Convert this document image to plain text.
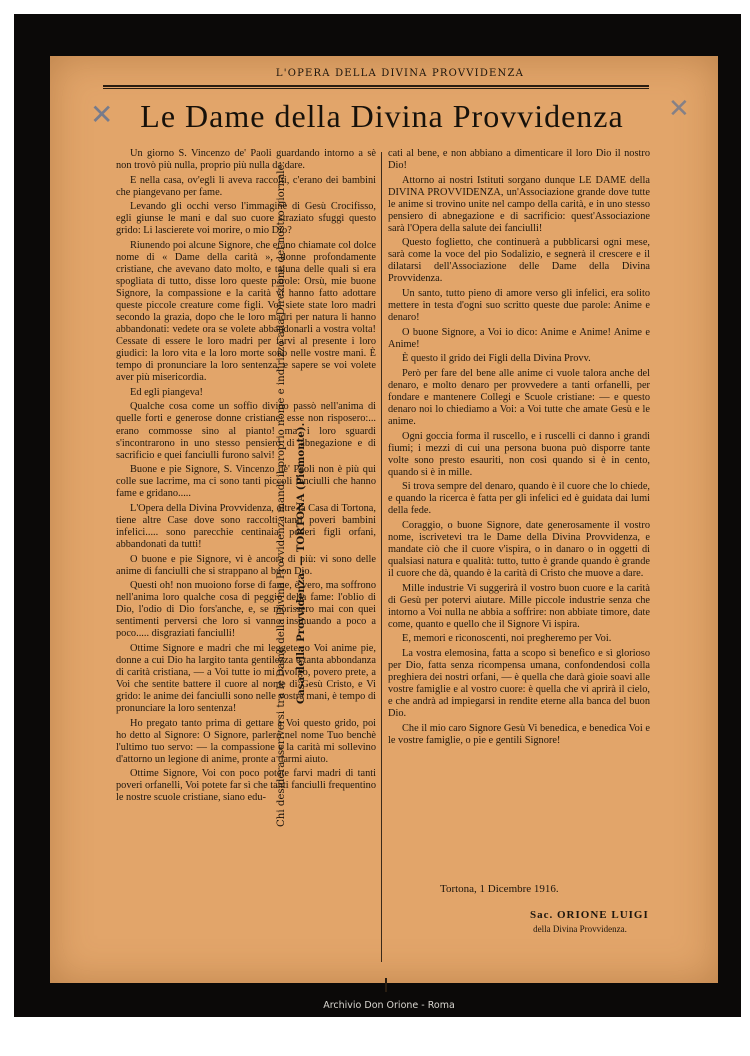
L'OPERA DELLA DIVINA PROVVIDENZA
✕	✕
Le Dame della Divina Provvidenza
Chi desidera iscriversi tra le Dame della Divina Provvidenza mandi il proprio nome e indirizzo alla Direzione del nostro giornale: Casa della Provvidenza. — TORTONA (Piemonte).

Un giorno S. Vincenzo de' Paoli guardando intorno a sè non trovò più nulla, proprio più nulla da dare.

E nella casa, ov'egli li aveva raccolti, c'erano dei bambini che piangevano per fame.

Levando gli occhi verso l'immagine di Gesù Crocifisso, egli giunse le mani e dal suo cuore straziato sfuggì questo grido: Li lascierete voi morire, o mio Dio?

Riunendo poi alcune Signore, che erano chiamate col dolce nome di « Dame della carità », donne profondamente cristiane, che avevano dato molto, e taluna delle quali si era spogliata di tutto, disse loro queste parole: Orsù, mie buone Signore, la compassione e la carità vi hanno fatto adottare queste piccole creature come figli. Voi siete state loro madri secondo la grazia, dopo che le loro madri per natura li hanno abbandonati: vedete ora se volete abbandonarli a vostra volta! Cessate di essere le loro madri per farvi al presente i loro giudici: la loro vita e la loro morte sono nelle vostre mani. È tempo di pronunciare la loro sentenza, e sapere se voi volete aver più misericordia.

Ed egli piangeva!

Qualche cosa come un soffio divino passò nell'anima di quelle forti e generose donne cristiane: esse non risposero:... erano commosse sino al pianto! ma i loro sguardi s'incontrarono in uno stesso pensiero di abnegazione e di sacrificio e quei fanciulli furono salvi!

Buone e pie Signore, S. Vincenzo de' Paoli non è più qui colle sue lacrime, ma ci sono tanti piccoli fanciulli che hanno fame e gridano.....

L'Opera della Divina Provvidenza, oltre la Casa di Tortona, tiene altre Case dove sono raccolti tanti poveri bambini infelici..... sono parecchie centinaia, poveri figli orfani, abbandonati da tutti!

O buone e pie Signore, vi è ancora di più: vi sono delle anime di fanciulli che si strappano al buon Dio.

Questi oh! non muoiono forse di fame, è vero, ma soffrono nell'anima loro qualche cosa di peggio della fame: l'oblio di Dio, l'odio di Dio fors'anche, e, se morissero mai con quei sentimenti perversi che loro si vanno insinuando a poco a poco..... disgraziati fanciulli!

Ottime Signore e madri che mi leggete: o Voi anime pie, donne a cui Dio ha largito tanta gentilezza e tanta abbondanza di carità cristiana, — a Voi tutte io mi rivolgo, povero prete, a Voi che sentite battere il cuore al nome di Gesù Cristo, e Vi grido: le anime dei fanciulli sono nelle vostre mani, è tempo di pronunciare la loro sentenza!

Ho pregato tanto prima di gettare a Voi questo grido, poi ho detto al Signore: O Signore, parlerò nel nome Tuo benchè l'ultimo tuo servo: — la compassione e la carità mi sollevino d'attorno un legione di anime, pronte a darmi aiuto.

Ottime Signore, Voi con poco potete farvi madri di tanti poveri orfanelli, Voi potete far sì che tanti fanciulli frequentino le nostre scuole cristiane, siano edu-

cati al bene, e non abbiano a dimenticare il loro Dio il nostro Dio!

Attorno ai nostri Istituti sorgano dunque LE DAME della DIVINA PROVVIDENZA, un'Associazione grande dove tutte le anime si trovino unite nel campo della carità, e in uno stesso pensiero di abnegazione e di sacrificio: quest'Associazione sarà l'Opera della salute dei fanciulli!

Questo foglietto, che continuerà a pubblicarsi ogni mese, sarà come la voce del pio Sodalizio, e segnerà il crescere e il dilatarsi dell'Associazione delle Dame della Divina Provvidenza.

Un santo, tutto pieno di amore verso gli infelici, era solito mettere in testa d'ogni suo scritto queste due parole: Anime e denaro!

O buone Signore, a Voi io dico: Anime e Anime! Anime e Anime!

È questo il grido dei Figli della Divina Provv.

Però per fare del bene alle anime ci vuole talora anche del denaro, e molto denaro per provvedere a tanti orfanelli, per fondare e mantenere Collegi e Scuole cristiane: — e questo denaro noi lo chiediamo a Voi: a Voi tutte che amate Gesù e le anime.

Ogni goccia forma il ruscello, e i ruscelli ci danno i grandi fiumi; i mezzi di cui una persona buona può disporre tante volte sono presto esauriti, non così quando si è in cento, quando si è in mille.

Si trova sempre del denaro, quando è il cuore che lo chiede, e quando la ricerca è fatta per gli infelici ed è guidata dai lumi della fede.

Coraggio, o buone Signore, date generosamente il vostro nome, iscrivetevi tra le Dame della Divina Provvidenza, e mandate ciò che il cuore v'ispira, o in danaro o in oggetti di qualsiasi natura e qualità: tutto, tutto è grande quando è grande il cuore che dà, quando è la carità di Cristo che muove a dare.

Mille industrie Vi suggerirà il vostro buon cuore e la carità di Gesù per potervi aiutare. Mille piccole industrie senza che intorno a Voi nulla ne abbia a soffrire: non abbiate timore, date come, quanto e quello che il Signore Vi ispira.

E, memori e riconoscenti, noi pregheremo per Voi.

La vostra elemosina, fatta a scopo sì benefico e sì glorioso per Dio, fatta senza ricompensa umana, confondendosi colla preghiera dei nostri orfani, — è quella che darà gioie soavi alle vostre famiglie e al vostro cuore: è quella che vi aprirà il cielo, e che andrà ad impiegarsi in rendite eterne alla banca del buon Dio.

Che il mio caro Signore Gesù Vi benedica, e benedica Voi e le vostre famiglie, o pie e gentili Signore!

Tortona, 1 Dicembre 1916.
Sac. ORIONE LUIGI
della Divina Provvidenza.
Archivio Don Orione - Roma
